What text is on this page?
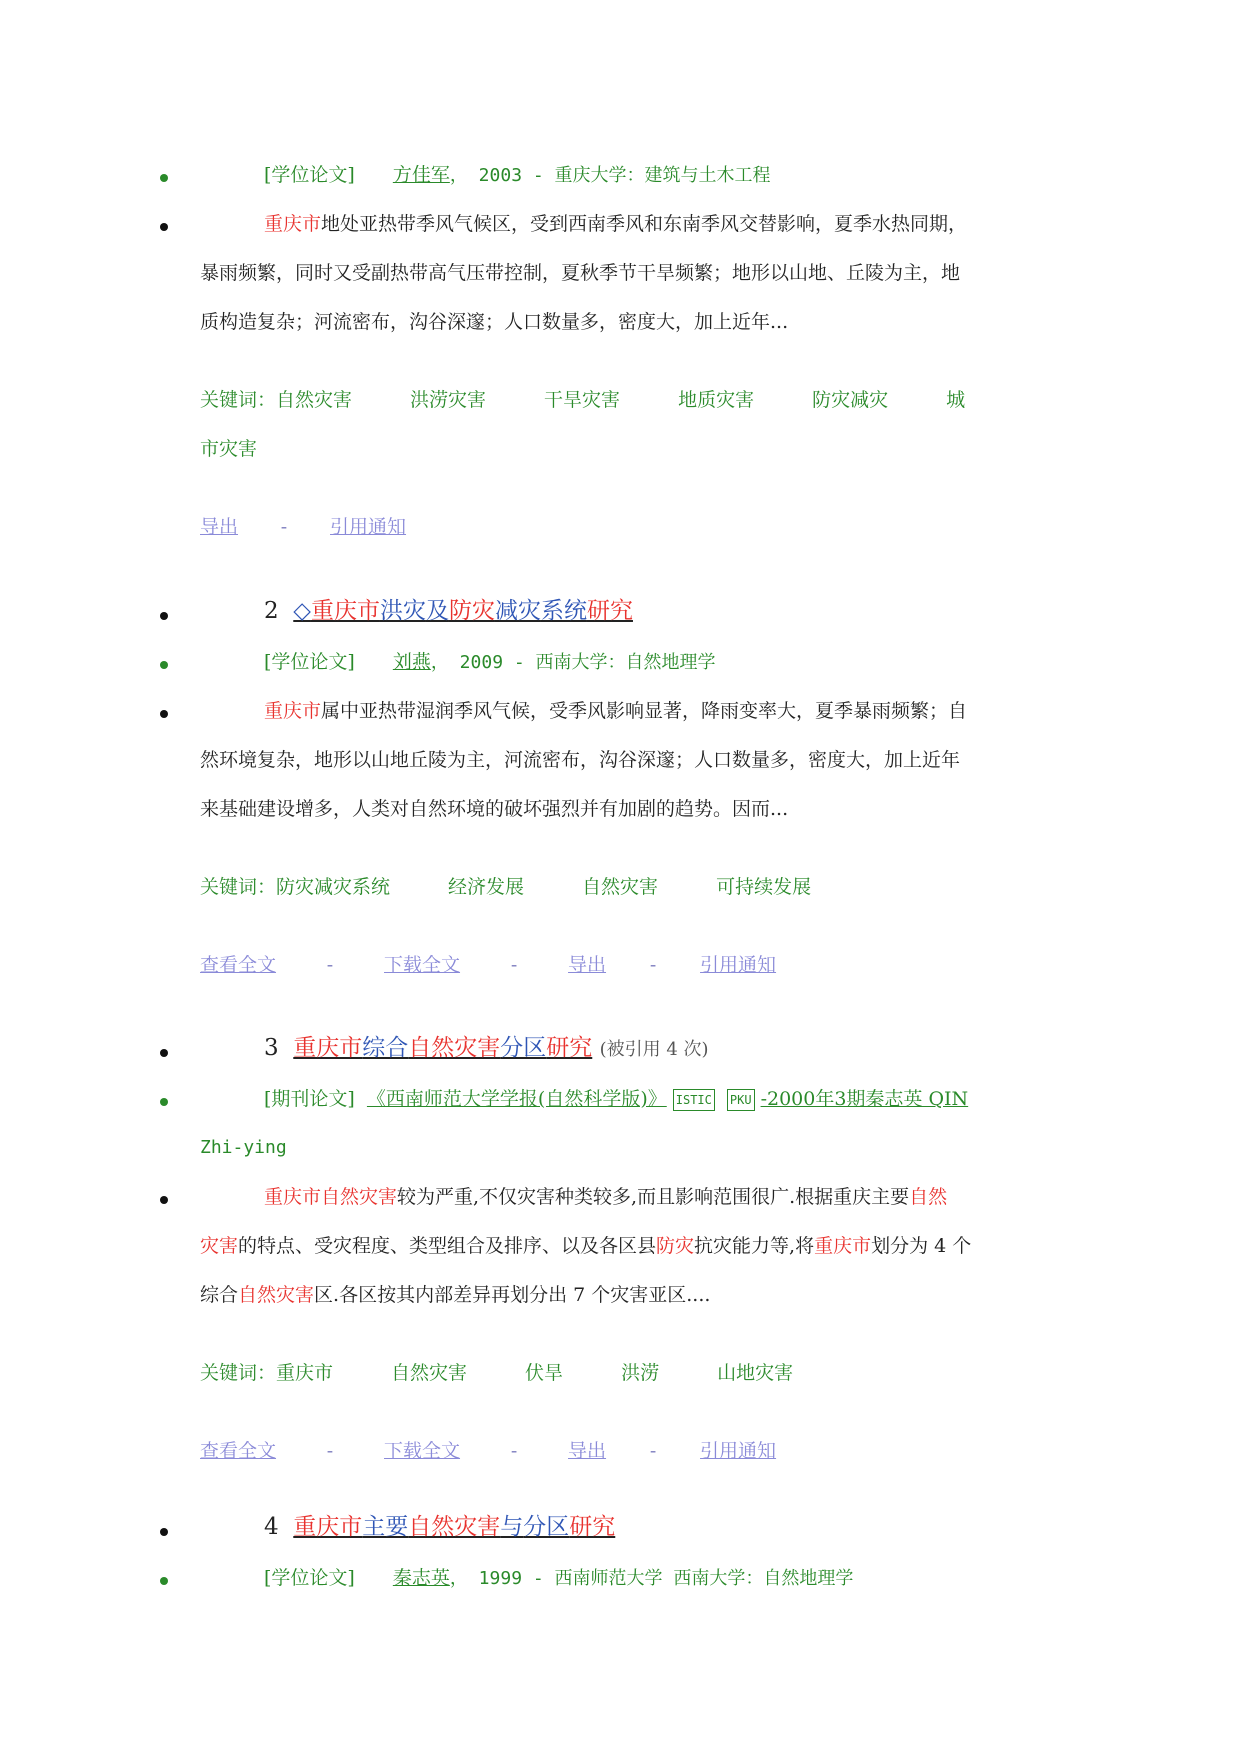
[学位论文] 方佳军， 2003 - 重庆大学：建筑与土木工程
重庆市地处亚热带季风气候区，受到西南季风和东南季风交替影响，夏季水热同期，
暴雨频繁，同时又受副热带高气压带控制，夏秋季节干旱频繁；地形以山地、丘陵为主，地
质构造复杂；河流密布，沟谷深邃；人口数量多，密度大，加上近年...
关键词：自然灾害	洪涝灾害	干旱灾害	地质灾害	防灾减灾	城
市灾害
导出 - 引用通知
2 ◇重庆市洪灾及防灾减灾系统研究
[学位论文] 刘燕， 2009 - 西南大学：自然地理学
重庆市属中亚热带湿润季风气候，受季风影响显著，降雨变率大，夏季暴雨频繁；自
然环境复杂，地形以山地丘陵为主，河流密布，沟谷深邃；人口数量多，密度大，加上近年
来基础建设增多，人类对自然环境的破坏强烈并有加剧的趋势。因而...
关键词：防灾减灾系统	经济发展	自然灾害	可持续发展
查看全文	-	下载全文	-	导出 - 引用通知
3 重庆市综合自然灾害分区研究 (被引用 4 次)
[期刊论文] 《西南师范大学学报(自然科学版)》 ISTIC PKU -2000年3期秦志英 QIN
Zhi-ying
重庆市自然灾害较为严重,不仅灾害种类较多,而且影响范围很广.根据重庆主要自然
灾害的特点、受灾程度、类型组合及排序、以及各区县防灾抗灾能力等,将重庆市划分为 4 个
综合自然灾害区.各区按其内部差异再划分出 7 个灾害亚区....
关键词：重庆市	自然灾害	伏旱	洪涝	山地灾害
查看全文	-	下载全文	-	导出 - 引用通知
4 重庆市主要自然灾害与分区研究
[学位论文] 秦志英， 1999 - 西南师范大学 西南大学：自然地理学
